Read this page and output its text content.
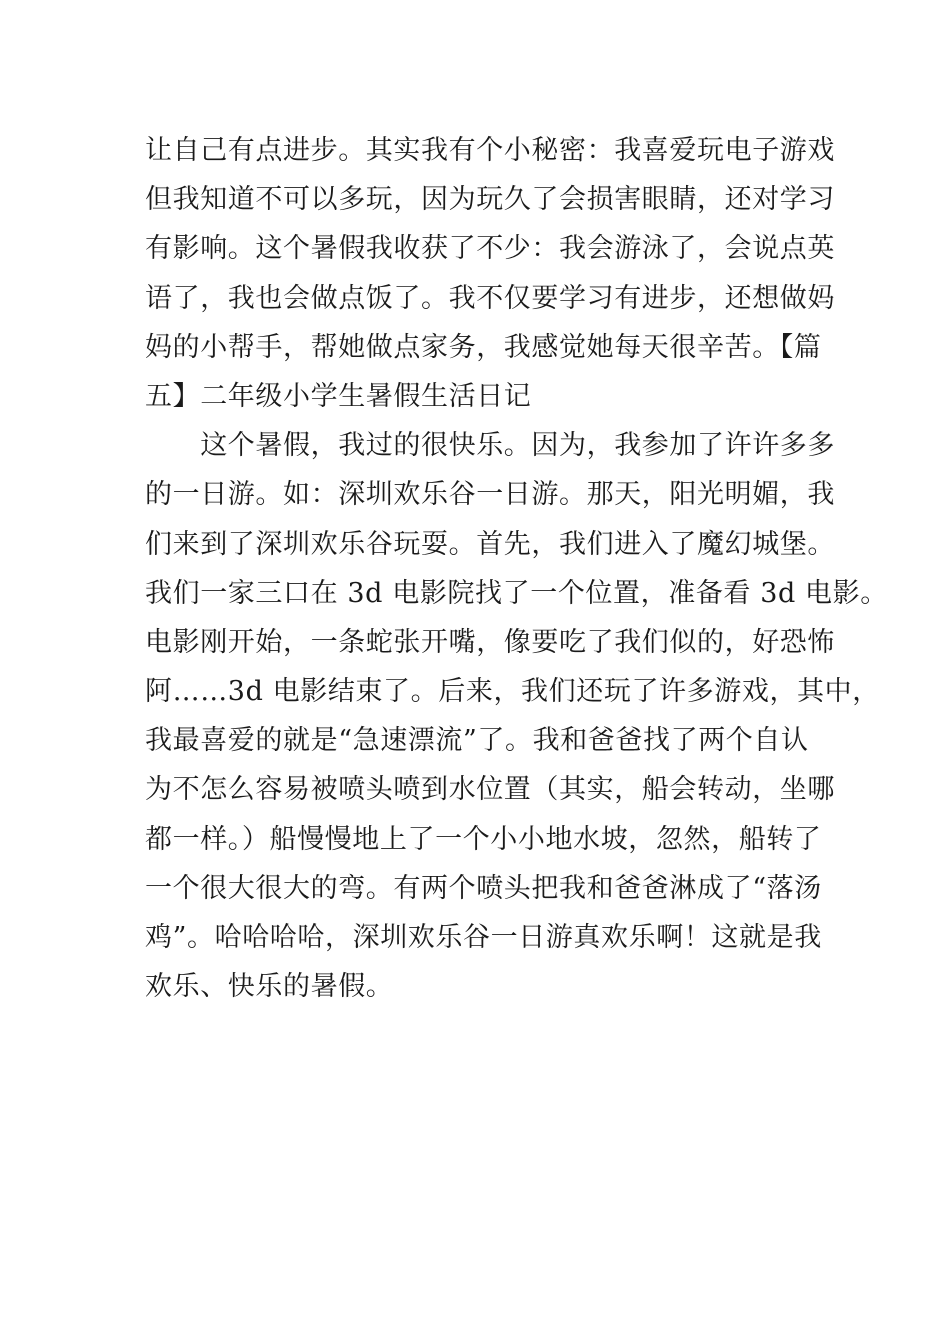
让自己有点进步。其实我有个小秘密：我喜爱玩电子游戏
但我知道不可以多玩，因为玩久了会损害眼睛，还对学习
有影响。这个暑假我收获了不少：我会游泳了，会说点英
语了，我也会做点饭了。我不仅要学习有进步，还想做妈
妈的小帮手，帮她做点家务，我感觉她每天很辛苦。【篇
五】二年级小学生暑假生活日记
　　这个暑假，我过的很快乐。因为，我参加了许许多多
的一日游。如：深圳欢乐谷一日游。那天，阳光明媚，我
们来到了深圳欢乐谷玩耍。首先，我们进入了魔幻城堡。
我们一家三口在 3d 电影院找了一个位置，准备看 3d 电影。
电影刚开始，一条蛇张开嘴，像要吃了我们似的，好恐怖
阿……3d 电影结束了。后来，我们还玩了许多游戏，其中，
我最喜爱的就是“急速漂流”了。我和爸爸找了两个自认
为不怎么容易被喷头喷到水位置（其实，船会转动，坐哪
都一样。）船慢慢地上了一个小小地水坡，忽然，船转了
一个很大很大的弯。有两个喷头把我和爸爸淋成了“落汤
鸡”。哈哈哈哈，深圳欢乐谷一日游真欢乐啊！这就是我
欢乐、快乐的暑假。
